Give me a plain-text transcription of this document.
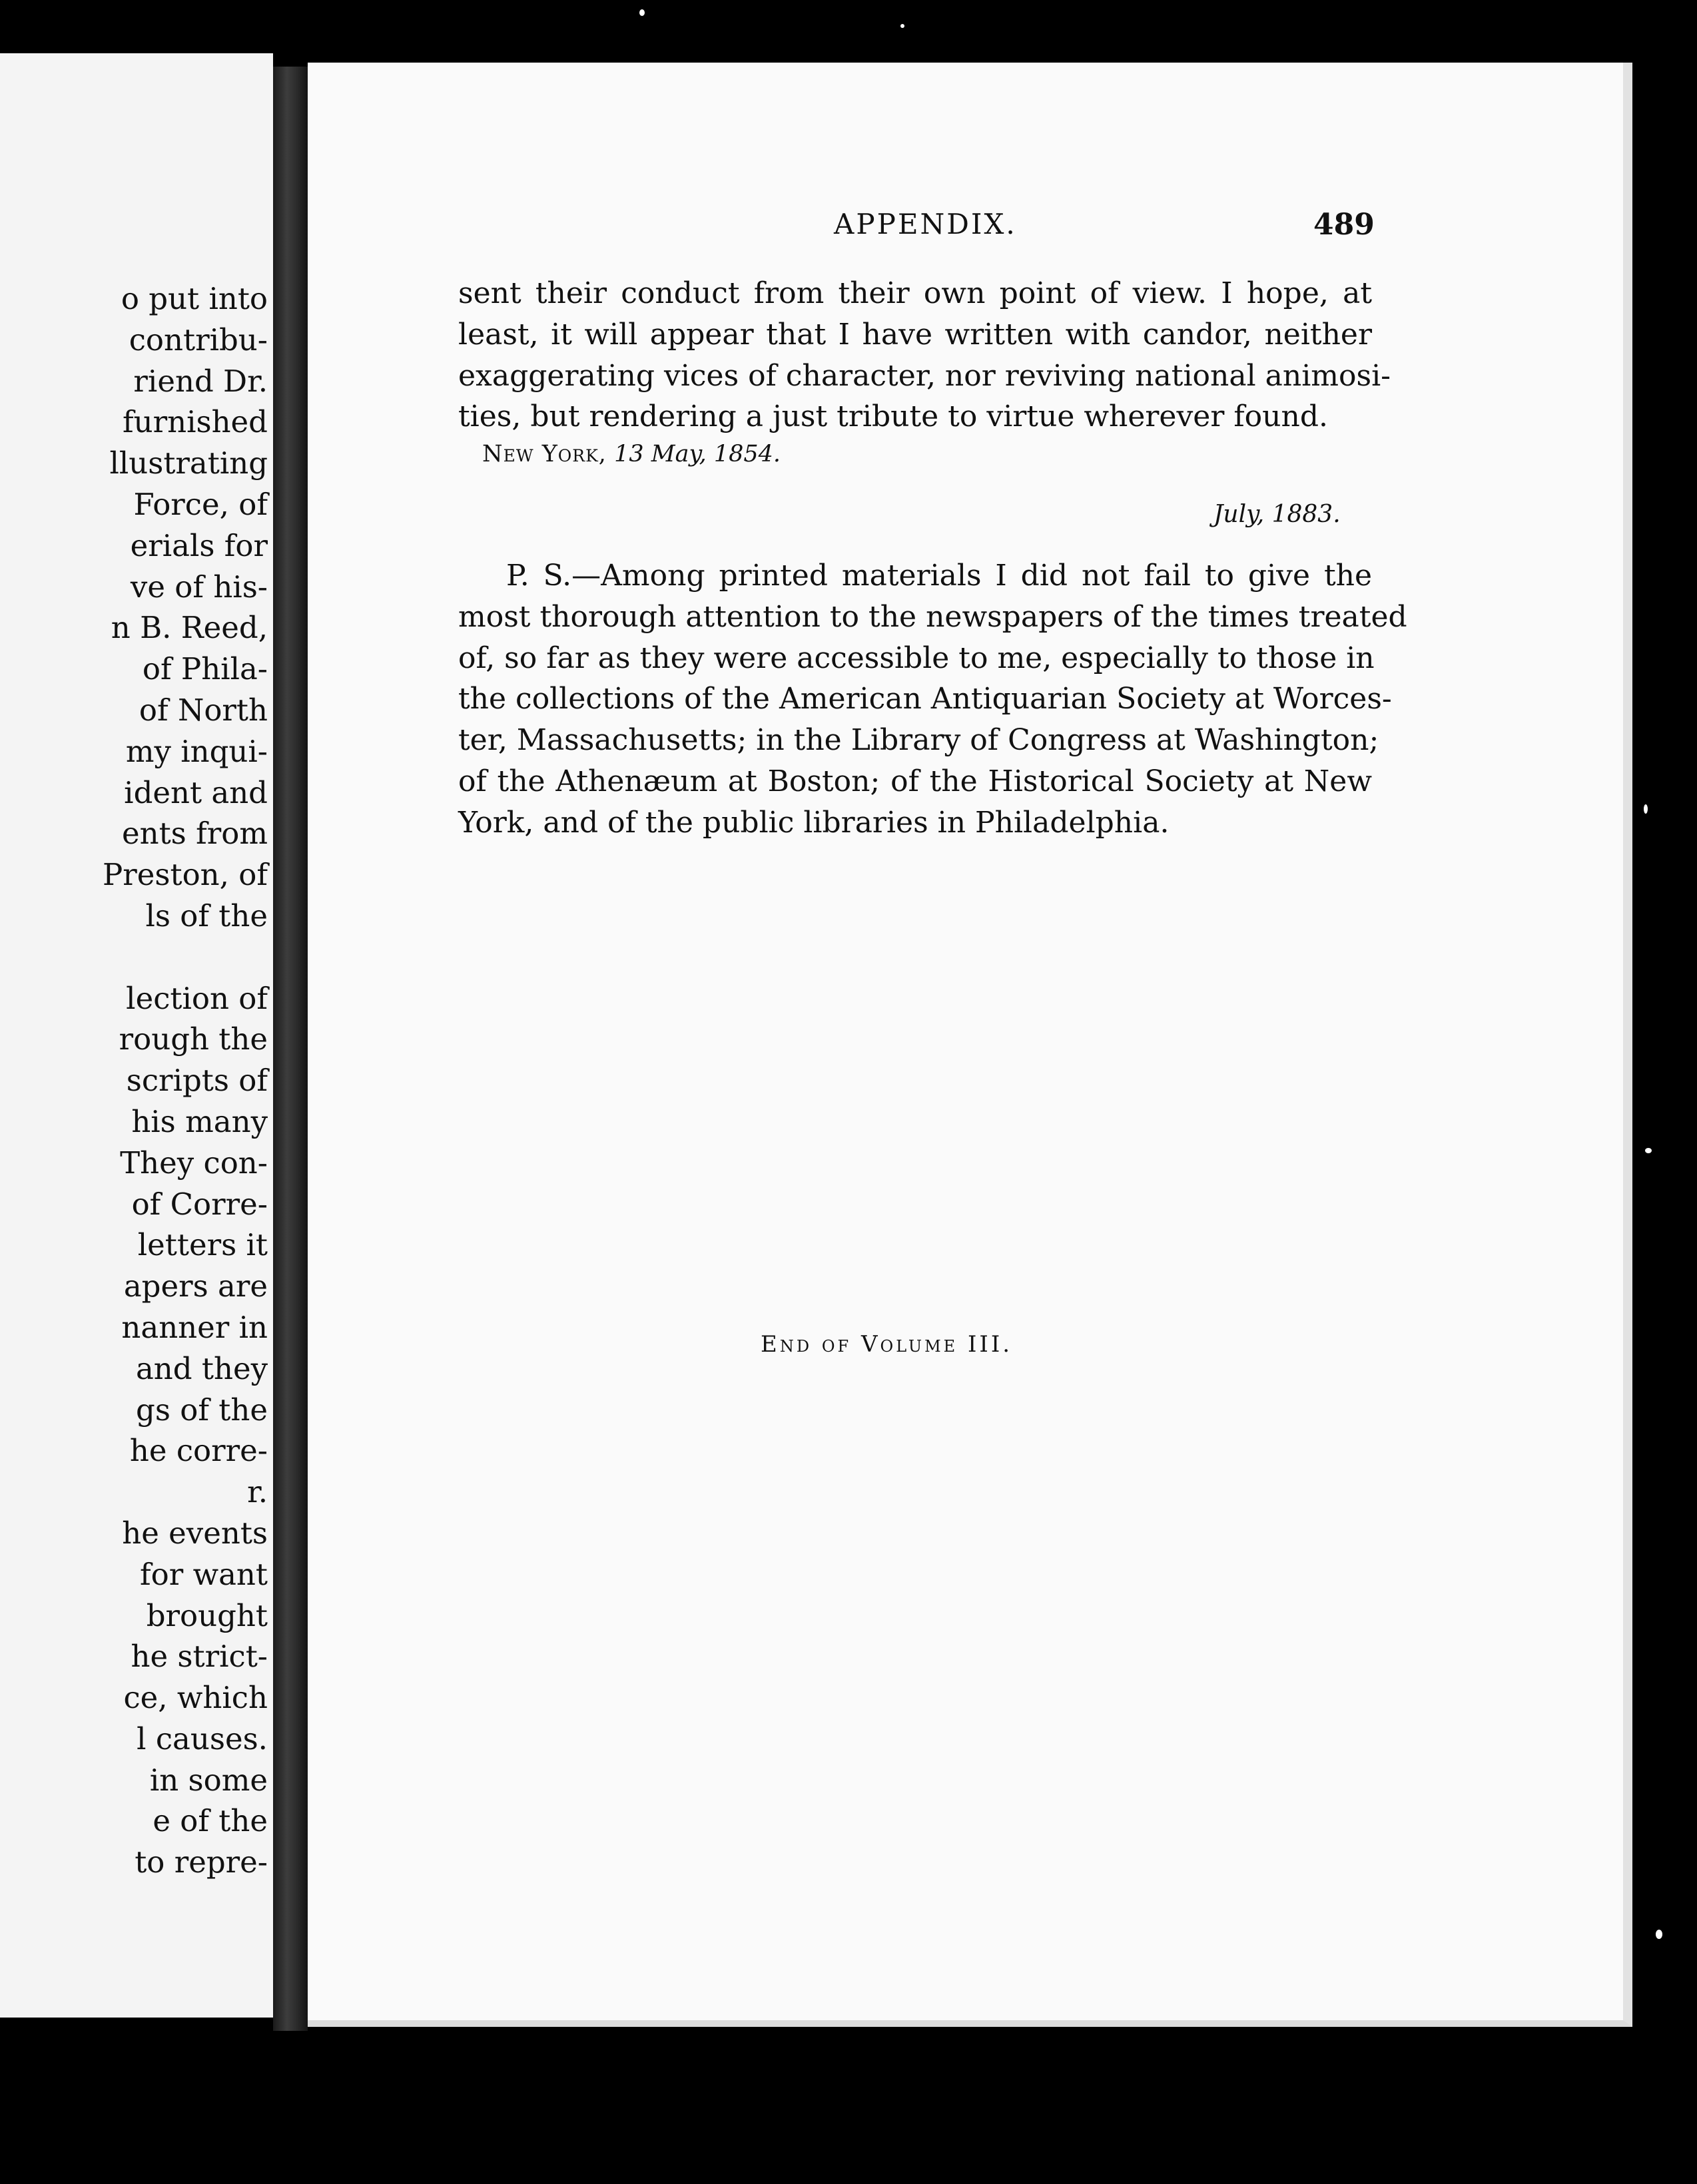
o put into
contribu-
riend Dr.
furnished
llustrating
Force, of
erials for
ve of his-
n B. Reed,
of Phila-
of North
my inqui-
ident and
ents from
Preston, of
ls of the
lection of
rough the
scripts of
his many
They con-
of Corre-
letters it
apers are
nanner in
and they
gs of the
he corre-
r.
he events
for want
brought
he strict-
ce, which
l causes.
in some
e of the
to repre-
APPENDIX.	489
sent their conduct from their own point of view. I hope, at
least, it will appear that I have written with candor, neither
exaggerating vices of character, nor reviving national animosi-
ties, but rendering a just tribute to virtue wherever found.
New York, 13 May, 1854.
July, 1883.
P. S.—Among printed materials I did not fail to give the
most thorough attention to the newspapers of the times treated
of, so far as they were accessible to me, especially to those in
the collections of the American Antiquarian Society at Worces-
ter, Massachusetts; in the Library of Congress at Washington;
of the Athenæum at Boston; of the Historical Society at New
York, and of the public libraries in Philadelphia.
End of Volume III.
